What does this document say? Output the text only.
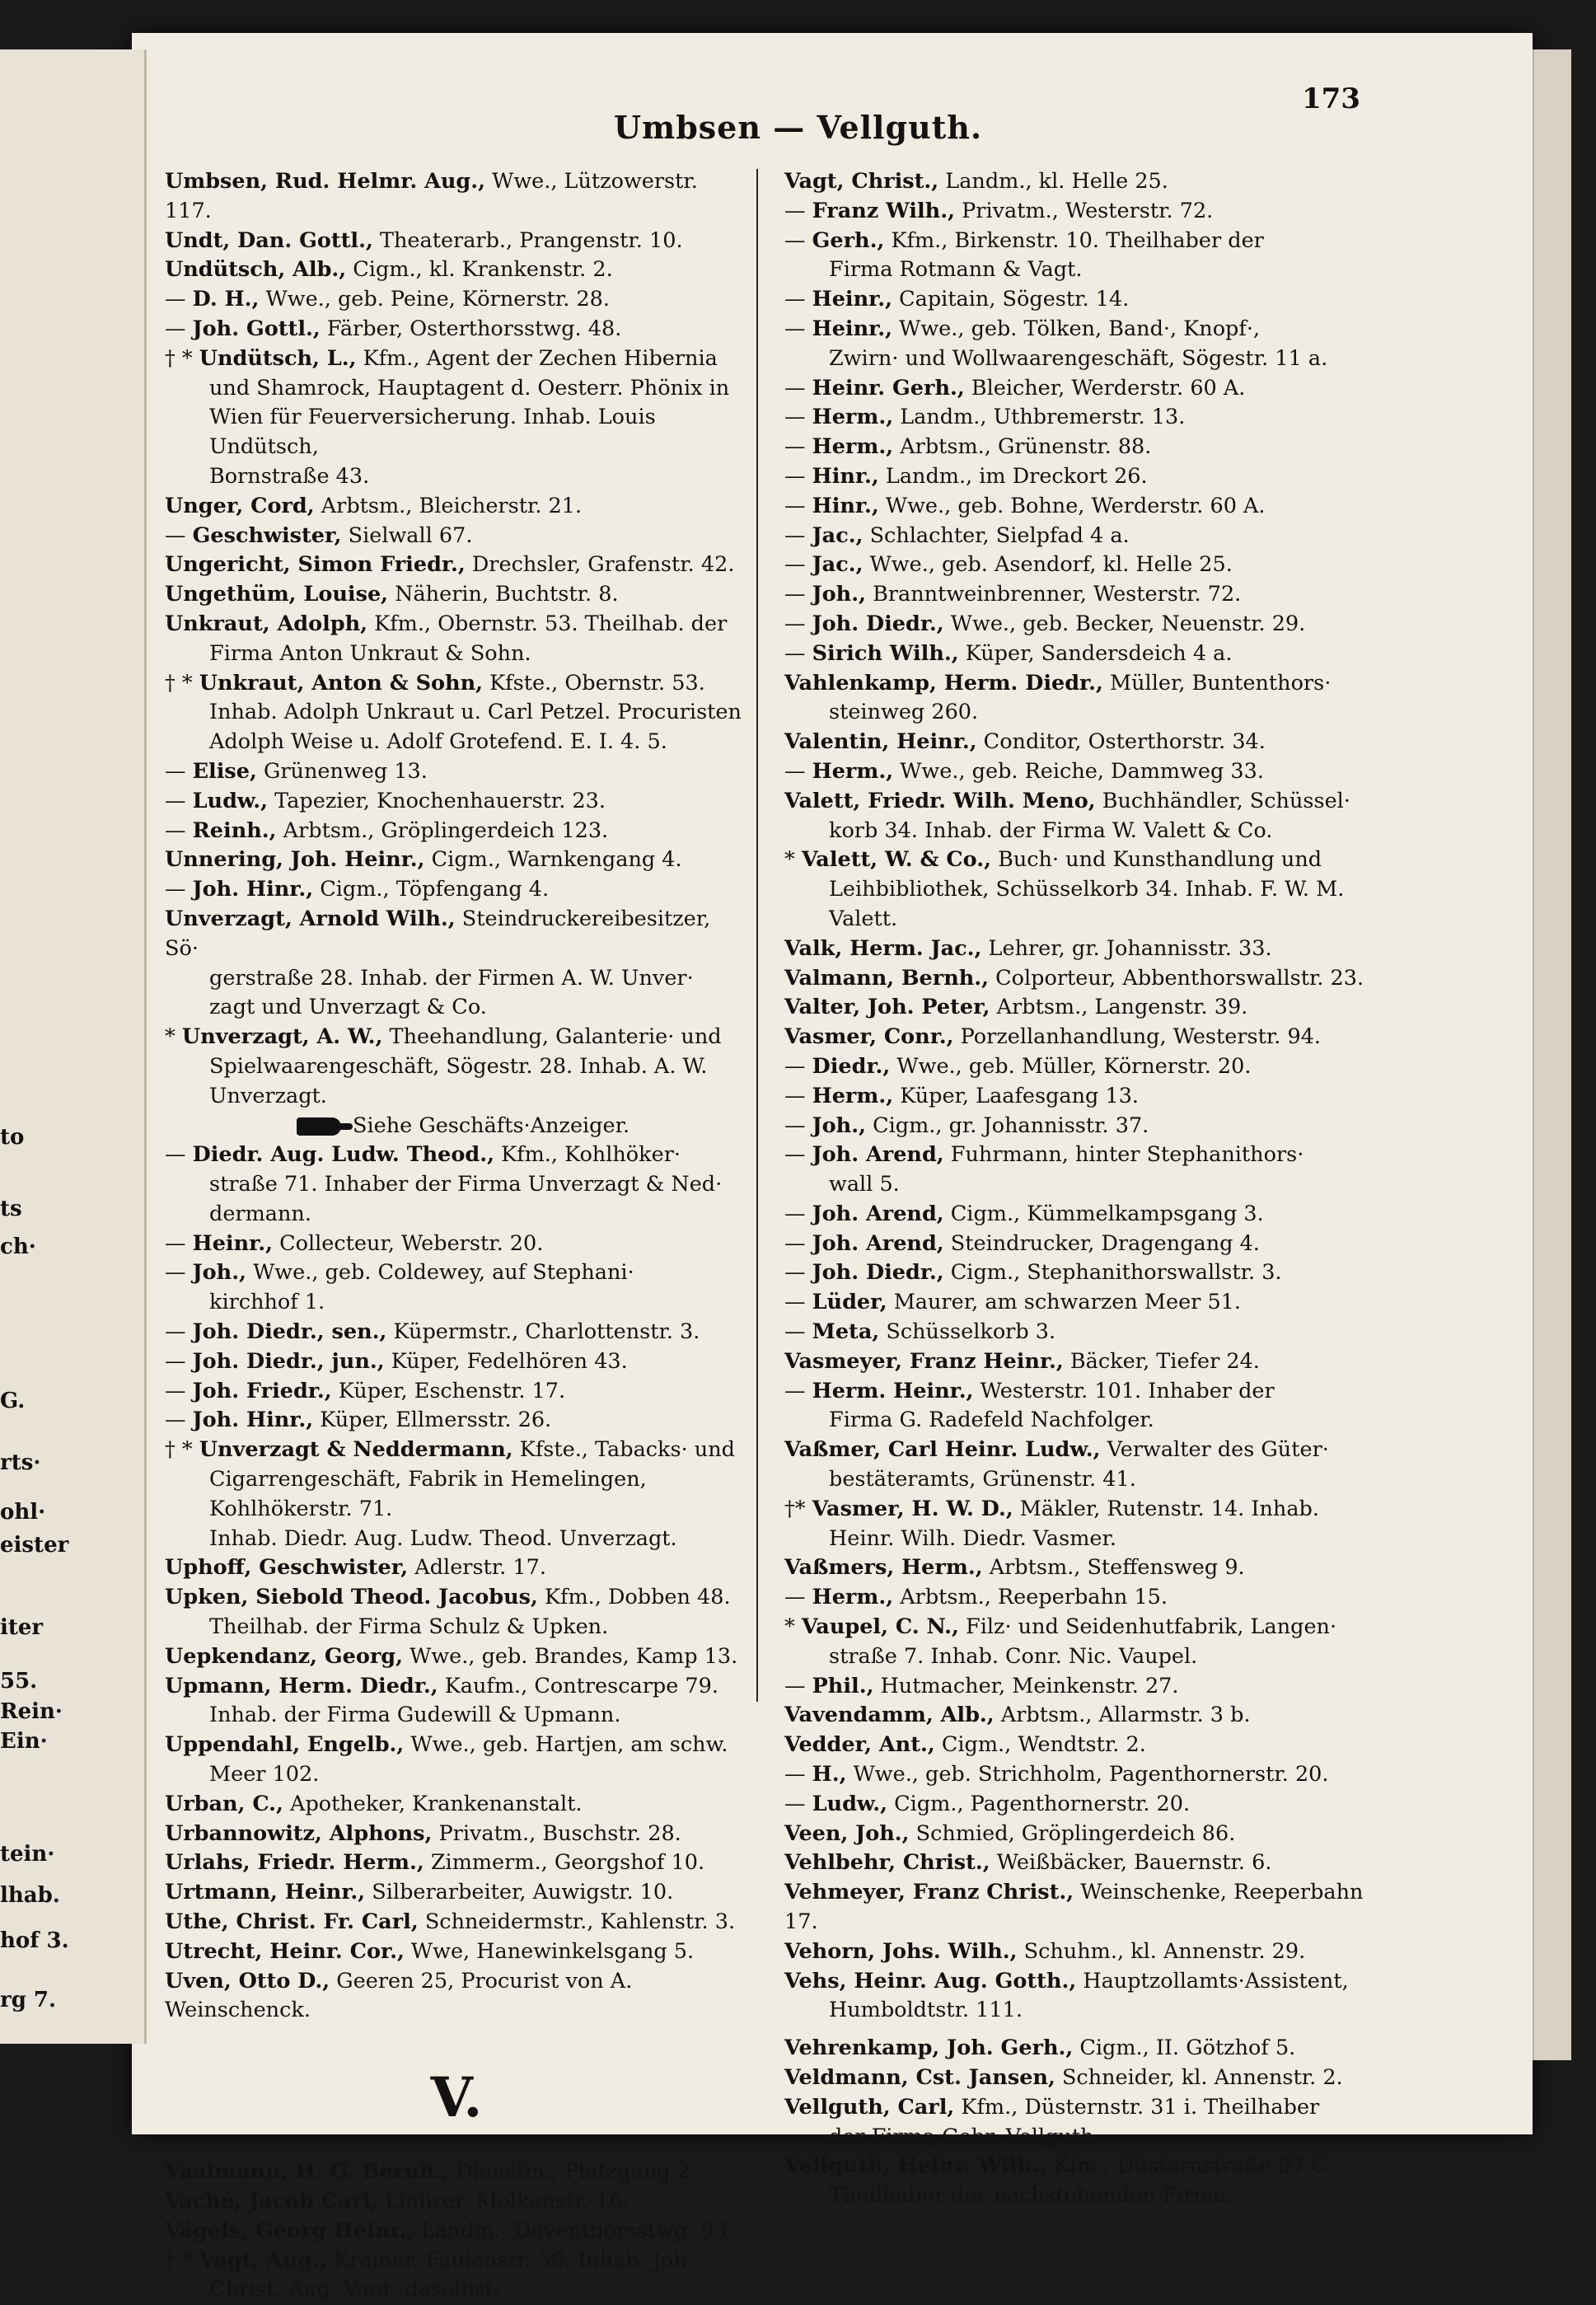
to
ts
ch·
G.
rts·
ohl·
eister
iter
55.
Rein·
Ein·
tein·
lhab.
hof 3.
rg 7.
Umbsen — Vellguth.
173
Umbsen, Rud. Helmr. Aug., Wwe., Lützowerstr. 117.
Undt, Dan. Gottl., Theaterarb., Prangenstr. 10.
Undütsch, Alb., Cigm., kl. Krankenstr. 2.
— D. H., Wwe., geb. Peine, Körnerstr. 28.
— Joh. Gottl., Färber, Osterthorsstwg. 48.
† * Undütsch, L., Kfm., Agent der Zechen Hibernia
und Shamrock, Hauptagent d. Oesterr. Phönix in
Wien für Feuerversicherung. Inhab. Louis Undütsch,
Bornstraße 43.
Unger, Cord, Arbtsm., Bleicherstr. 21.
— Geschwister, Sielwall 67.
Ungericht, Simon Friedr., Drechsler, Grafenstr. 42.
Ungethüm, Louise, Näherin, Buchtstr. 8.
Unkraut, Adolph, Kfm., Obernstr. 53. Theilhab. der
Firma Anton Unkraut & Sohn.
† * Unkraut, Anton & Sohn, Kfste., Obernstr. 53.
Inhab. Adolph Unkraut u. Carl Petzel. Procuristen
Adolph Weise u. Adolf Grotefend. E. I. 4. 5.
— Elise, Grünenweg 13.
— Ludw., Tapezier, Knochenhauerstr. 23.
— Reinh., Arbtsm., Gröplingerdeich 123.
Unnering, Joh. Heinr., Cigm., Warnkengang 4.
— Joh. Hinr., Cigm., Töpfengang 4.
Unverzagt, Arnold Wilh., Steindruckereibesitzer, Sö·
gerstraße 28. Inhab. der Firmen A. W. Unver·
zagt und Unverzagt & Co.
* Unverzagt, A. W., Theehandlung, Galanterie· und
Spielwaarengeschäft, Sögestr. 28. Inhab. A. W.
Unverzagt.
Siehe Geschäfts·Anzeiger.
— Diedr. Aug. Ludw. Theod., Kfm., Kohlhöker·
straße 71. Inhaber der Firma Unverzagt & Ned·
dermann.
— Heinr., Collecteur, Weberstr. 20.
— Joh., Wwe., geb. Coldewey, auf Stephani·
kirchhof 1.
— Joh. Diedr., sen., Küpermstr., Charlottenstr. 3.
— Joh. Diedr., jun., Küper, Fedelhören 43.
— Joh. Friedr., Küper, Eschenstr. 17.
— Joh. Hinr., Küper, Ellmersstr. 26.
† * Unverzagt & Neddermann, Kfste., Tabacks· und
Cigarrengeschäft, Fabrik in Hemelingen, Kohlhökerstr. 71.
Inhab. Diedr. Aug. Ludw. Theod. Unverzagt.
Uphoff, Geschwister, Adlerstr. 17.
Upken, Siebold Theod. Jacobus, Kfm., Dobben 48.
Theilhab. der Firma Schulz & Upken.
Uepkendanz, Georg, Wwe., geb. Brandes, Kamp 13.
Upmann, Herm. Diedr., Kaufm., Contrescarpe 79.
Inhab. der Firma Gudewill & Upmann.
Uppendahl, Engelb., Wwe., geb. Hartjen, am schw.
Meer 102.
Urban, C., Apotheker, Krankenanstalt.
Urbannowitz, Alphons, Privatm., Buschstr. 28.
Urlahs, Friedr. Herm., Zimmerm., Georgshof 10.
Urtmann, Heinr., Silberarbeiter, Auwigstr. 10.
Uthe, Christ. Fr. Carl, Schneidermstr., Kahlenstr. 3.
Utrecht, Heinr. Cor., Wwe, Hanewinkelsgang 5.
Uven, Otto D., Geeren 25, Procurist von A. Weinschenck.
V.
Vaalmann, H. G. Bernh., Dienstm., Platzgang 2.
Vaché, Jacob Carl, Liniirer, Molkenstr. 16.
Vägels, Georg Heinr., Landm., Doventhorsstwg. 93.
† * Vagt, Aug., Krämer, Faulenstr. 50. Inhab. Joh.
Christ. Aug. Vagt, daselbst.
Vagt, Christ., Landm., kl. Helle 25.
— Franz Wilh., Privatm., Westerstr. 72.
— Gerh., Kfm., Birkenstr. 10. Theilhaber der
Firma Rotmann & Vagt.
— Heinr., Capitain, Sögestr. 14.
— Heinr., Wwe., geb. Tölken, Band·, Knopf·,
Zwirn· und Wollwaarengeschäft, Sögestr. 11 a.
— Heinr. Gerh., Bleicher, Werderstr. 60 A.
— Herm., Landm., Uthbremerstr. 13.
— Herm., Arbtsm., Grünenstr. 88.
— Hinr., Landm., im Dreckort 26.
— Hinr., Wwe., geb. Bohne, Werderstr. 60 A.
— Jac., Schlachter, Sielpfad 4 a.
— Jac., Wwe., geb. Asendorf, kl. Helle 25.
— Joh., Branntweinbrenner, Westerstr. 72.
— Joh. Diedr., Wwe., geb. Becker, Neuenstr. 29.
— Sirich Wilh., Küper, Sandersdeich 4 a.
Vahlenkamp, Herm. Diedr., Müller, Buntenthors·
steinweg 260.
Valentin, Heinr., Conditor, Osterthorstr. 34.
— Herm., Wwe., geb. Reiche, Dammweg 33.
Valett, Friedr. Wilh. Meno, Buchhändler, Schüssel·
korb 34. Inhab. der Firma W. Valett & Co.
* Valett, W. & Co., Buch· und Kunsthandlung und
Leihbibliothek, Schüsselkorb 34. Inhab. F. W. M.
Valett.
Valk, Herm. Jac., Lehrer, gr. Johannisstr. 33.
Valmann, Bernh., Colporteur, Abbenthorswallstr. 23.
Valter, Joh. Peter, Arbtsm., Langenstr. 39.
Vasmer, Conr., Porzellanhandlung, Westerstr. 94.
— Diedr., Wwe., geb. Müller, Körnerstr. 20.
— Herm., Küper, Laafesgang 13.
— Joh., Cigm., gr. Johannisstr. 37.
— Joh. Arend, Fuhrmann, hinter Stephanithors·
wall 5.
— Joh. Arend, Cigm., Kümmelkampsgang 3.
— Joh. Arend, Steindrucker, Dragengang 4.
— Joh. Diedr., Cigm., Stephanithorswallstr. 3.
— Lüder, Maurer, am schwarzen Meer 51.
— Meta, Schüsselkorb 3.
Vasmeyer, Franz Heinr., Bäcker, Tiefer 24.
— Herm. Heinr., Westerstr. 101. Inhaber der
Firma G. Radefeld Nachfolger.
Vaßmer, Carl Heinr. Ludw., Verwalter des Güter·
bestäteramts, Grünenstr. 41.
†* Vasmer, H. W. D., Mäkler, Rutenstr. 14. Inhab.
Heinr. Wilh. Diedr. Vasmer.
Vaßmers, Herm., Arbtsm., Steffensweg 9.
— Herm., Arbtsm., Reeperbahn 15.
* Vaupel, C. N., Filz· und Seidenhutfabrik, Langen·
straße 7. Inhab. Conr. Nic. Vaupel.
— Phil., Hutmacher, Meinkenstr. 27.
Vavendamm, Alb., Arbtsm., Allarmstr. 3 b.
Vedder, Ant., Cigm., Wendtstr. 2.
— H., Wwe., geb. Strichholm, Pagenthornerstr. 20.
— Ludw., Cigm., Pagenthornerstr. 20.
Veen, Joh., Schmied, Gröplingerdeich 86.
Vehlbehr, Christ., Weißbäcker, Bauernstr. 6.
Vehmeyer, Franz Christ., Weinschenke, Reeperbahn 17.
Vehorn, Johs. Wilh., Schuhm., kl. Annenstr. 29.
Vehs, Heinr. Aug. Gotth., Hauptzollamts·Assistent,
Humboldtstr. 111.
Vehrenkamp, Joh. Gerh., Cigm., II. Götzhof 5.
Veldmann, Cst. Jansen, Schneider, kl. Annenstr. 2.
Vellguth, Carl, Kfm., Düsternstr. 31 i. Theilhaber
der Firma Gebr. Vellguth.
Vellguth, Heinr. Wilh., Kfm., Düsternstraße 57 C.
Theilhaber der nachstehenden Firma.
